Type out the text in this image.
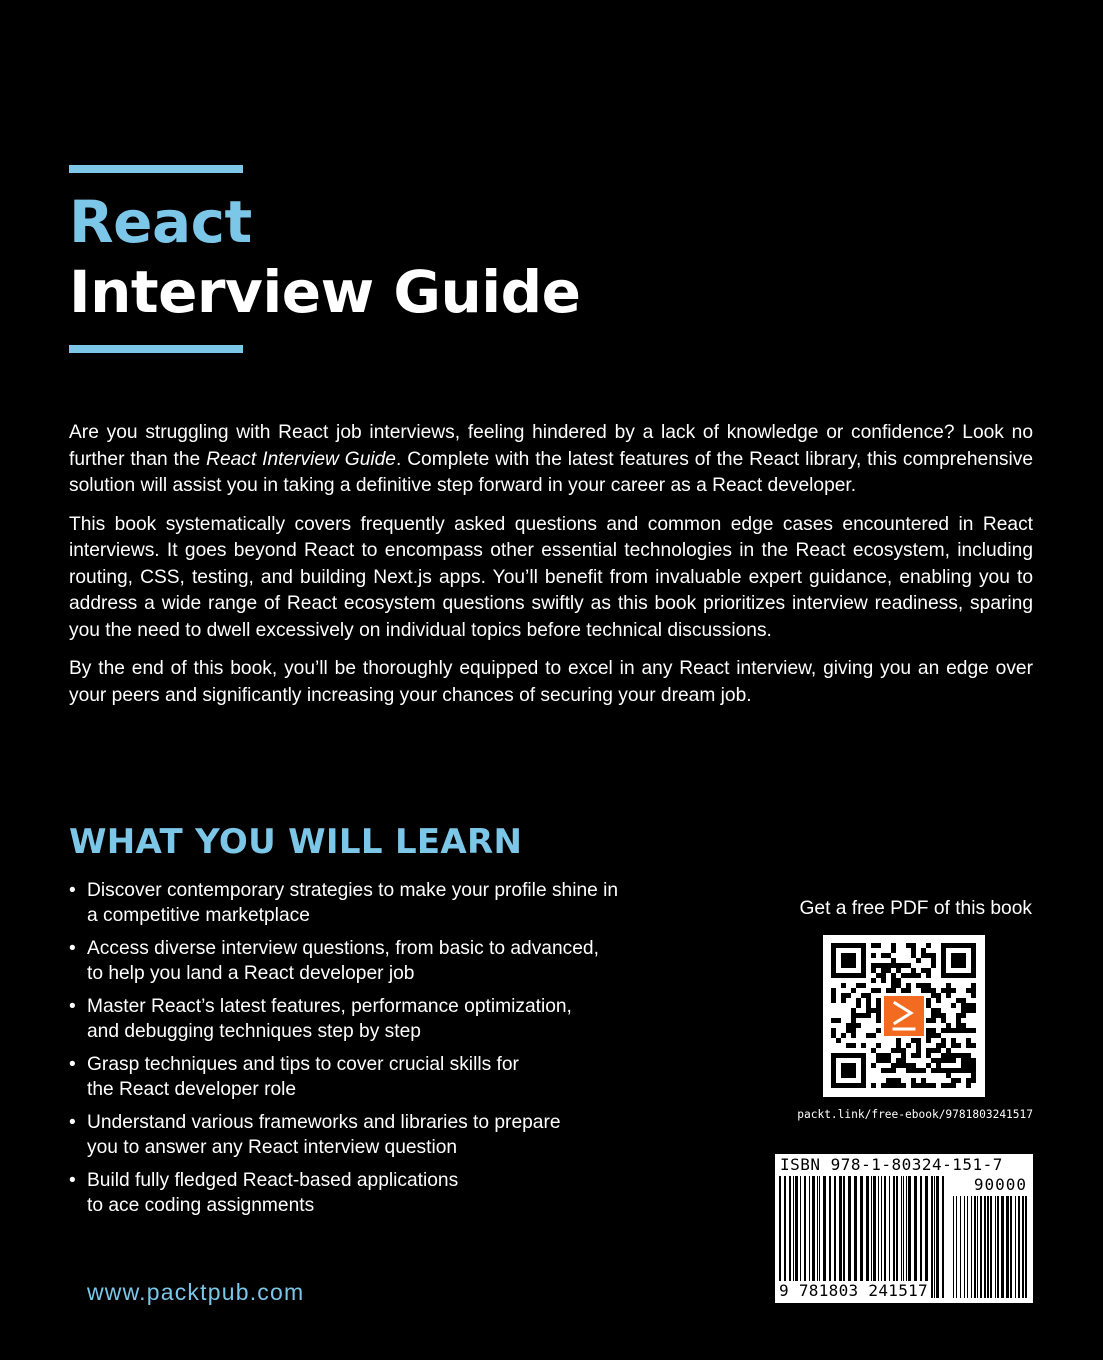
React
Interview Guide

Are you struggling with React job interviews, feeling hindered by a lack of knowledge or confidence? Look no further than the React Interview Guide. Complete with the latest features of the React library, this comprehensive solution will assist you in taking a definitive step forward in your career as a React developer.

This book systematically covers frequently asked questions and common edge cases encountered in React interviews. It goes beyond React to encompass other essential technologies in the React ecosystem, including routing, CSS, testing, and building Next.js apps. You’ll benefit from invaluable expert guidance, enabling you to address a wide range of React ecosystem questions swiftly as this book prioritizes interview readiness, sparing you the need to dwell excessively on individual topics before technical discussions.

By the end of this book, you’ll be thoroughly equipped to excel in any React interview, giving you an edge over your peers and significantly increasing your chances of securing your dream job.

WHAT YOU WILL LEARN
• Discover contemporary strategies to make your profile shine in
a competitive marketplace
• Access diverse interview questions, from basic to advanced,
to help you land a React developer job
• Master React’s latest features, performance optimization,
and debugging techniques step by step
• Grasp techniques and tips to cover crucial skills for
the React developer role
• Understand various frameworks and libraries to prepare
you to answer any React interview question
• Build fully fledged React-based applications
to ace coding assignments
www.packtpub.com
Get a free PDF of this book
packt.link/free-ebook/9781803241517
ISBN 978-1-80324-151-7
90000
9 781803 241517
